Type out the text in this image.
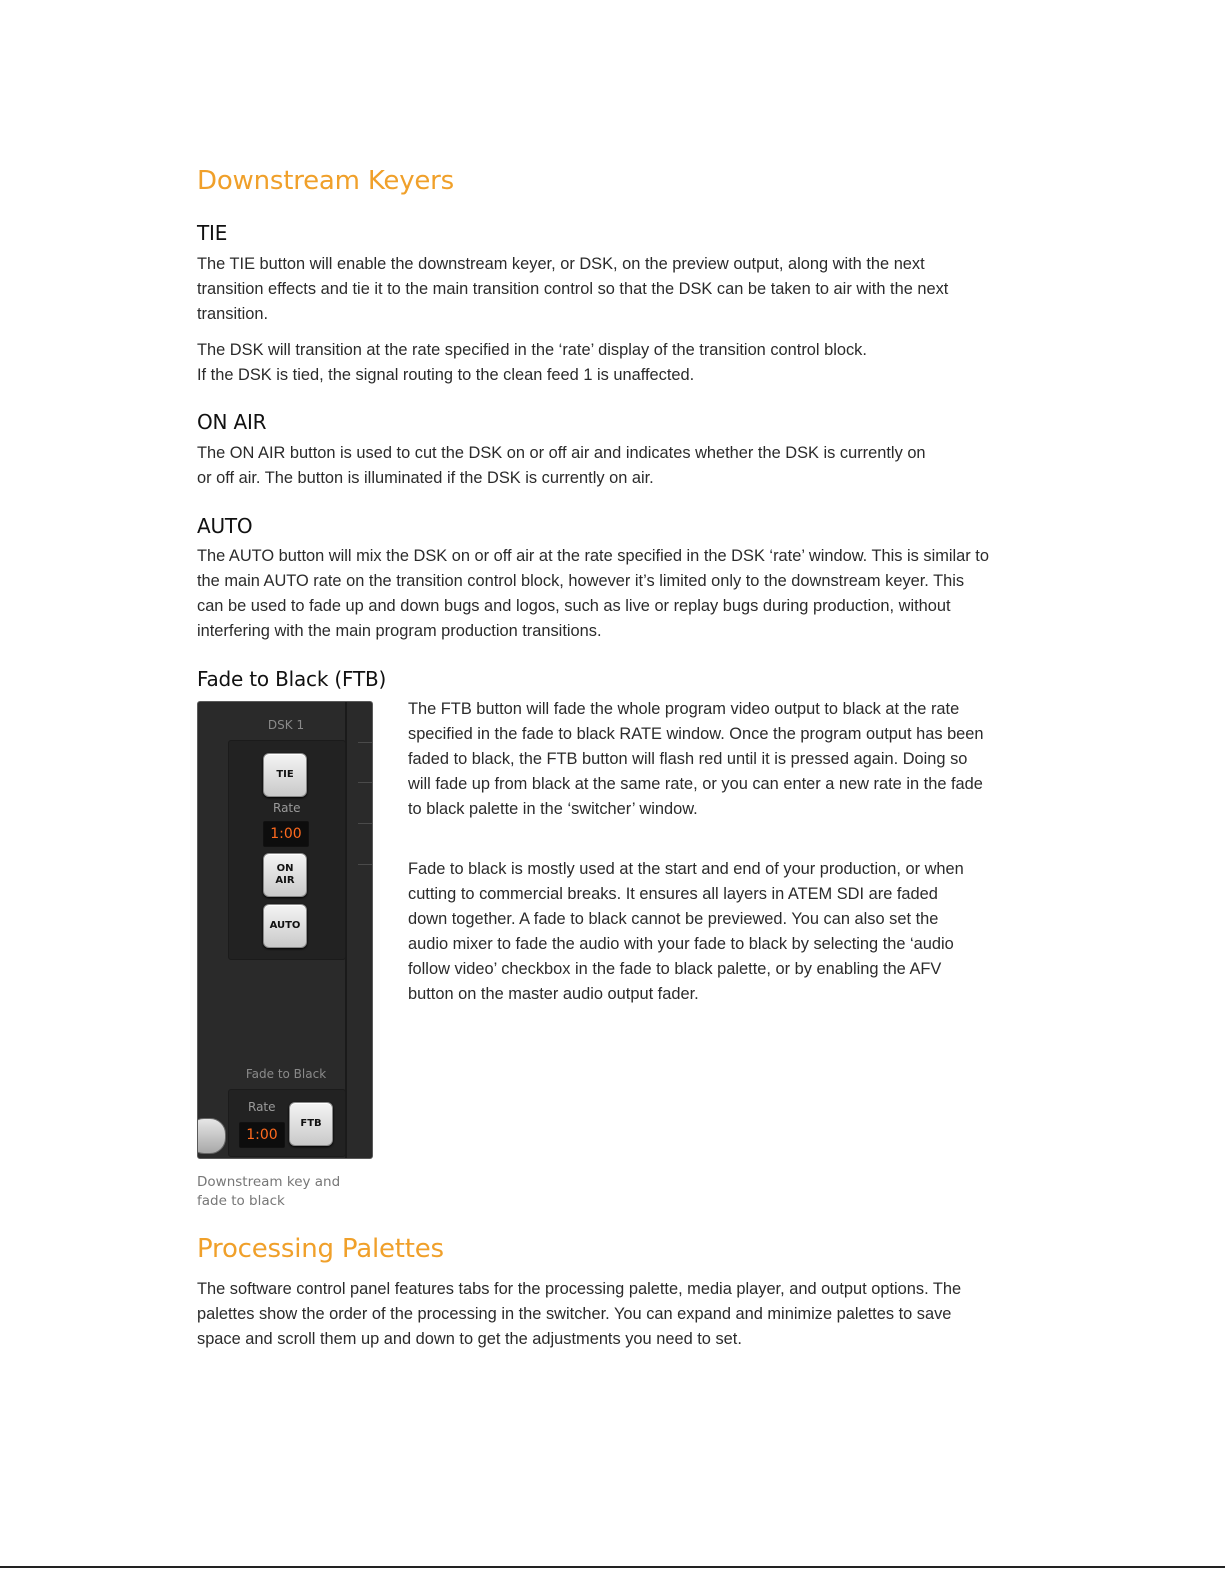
Downstream Keyers
TIE

The TIE button will enable the downstream keyer, or DSK, on the preview output, along with the next transition effects and tie it to the main transition control so that the DSK can be taken to air with the next transition.

The DSK will transition at the rate specified in the ‘rate’ display of the transition control block.
If the DSK is tied, the signal routing to the clean feed 1 is unaffected.
ON AIR

The ON AIR button is used to cut the DSK on or off air and indicates whether the DSK is currently on or off air. The button is illuminated if the DSK is currently on air.

AUTO

The AUTO button will mix the DSK on or off air at the rate specified in the DSK ‘rate’ window. This is similar to the main AUTO rate on the transition control block, however it’s limited only to the downstream keyer. This can be used to fade up and down bugs and logos, such as live or replay bugs during production, without interfering with the main program production transitions.

Fade to Black (FTB)
DSK 1
TIE
Rate
1:00
ON
AIR
AUTO
Fade to Black
Rate
1:00
FTB

The FTB button will fade the whole program video output to black at the rate specified in the fade to black RATE window. Once the program output has been faded to black, the FTB button will flash red until it is pressed again. Doing so will fade up from black at the same rate, or you can enter a new rate in the fade to black palette in the ‘switcher’ window.

Fade to black is mostly used at the start and end of your production, or when cutting to commercial breaks. It ensures all layers in ATEM SDI are faded down together. A fade to black cannot be previewed. You can also set the audio mixer to fade the audio with your fade to black by selecting the ‘audio follow video’ checkbox in the fade to black palette, or by enabling the AFV button on the master audio output fader.

Downstream key and
fade to black
Processing Palettes

The software control panel features tabs for the processing palette, media player, and output options. The palettes show the order of the processing in the switcher. You can expand and minimize palettes to save space and scroll them up and down to get the adjustments you need to set.
